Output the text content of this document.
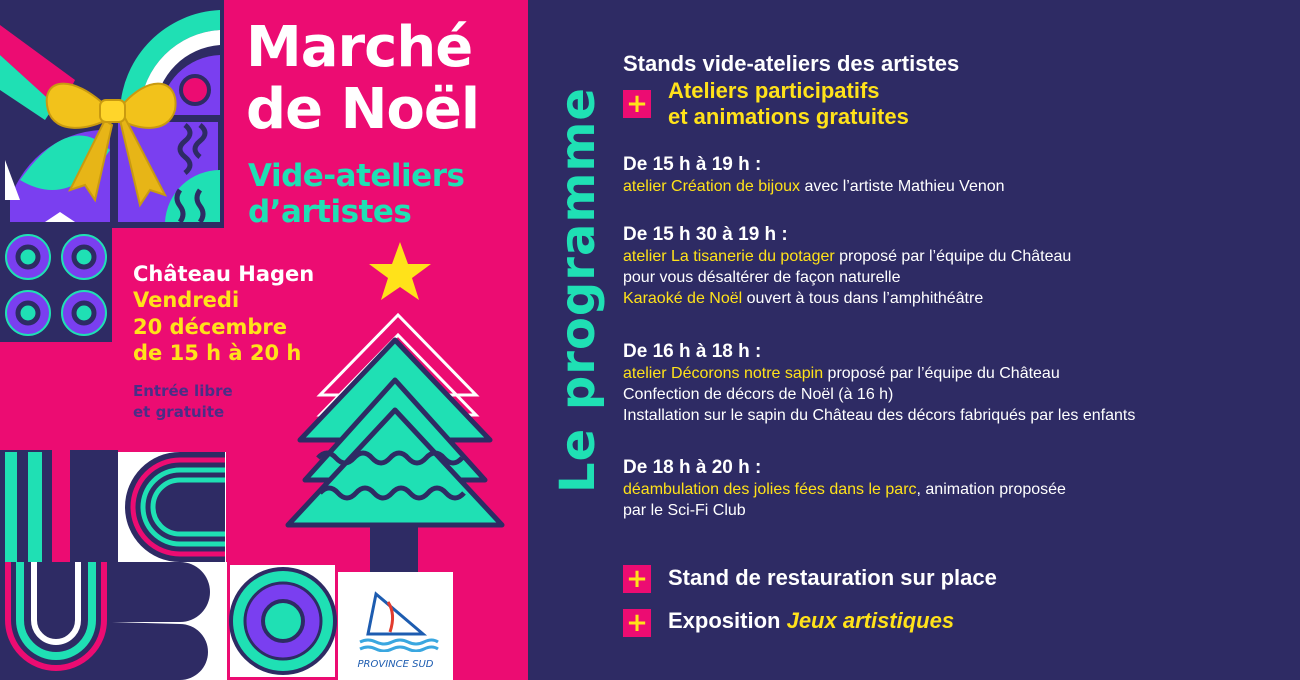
Marché
de Noël
Vide-ateliers
d’artistes
Château Hagen
Vendredi
20 décembre
de 15 h à 20 h
Entrée libre
et gratuite
PROVINCE SUD
Le programme
Stands vide-ateliers des artistes
+ Ateliers participatifs
et animations gratuites
De 15 h à 19 h :
atelier Création de bijoux avec l’artiste Mathieu Venon
De 15 h 30 à 19 h :
atelier La tisanerie du potager proposé par l’équipe du Château
pour vous désaltérer de façon naturelle
Karaoké de Noël ouvert à tous dans l’amphithéâtre
De 16 h à 18 h :
atelier Décorons notre sapin proposé par l’équipe du Château
Confection de décors de Noël (à 16 h)
Installation sur le sapin du Château des décors fabriqués par les enfants
De 18 h à 20 h :
déambulation des jolies fées dans le parc, animation proposée
par le Sci-Fi Club
+ Stand de restauration sur place
+ Exposition Jeux artistiques
